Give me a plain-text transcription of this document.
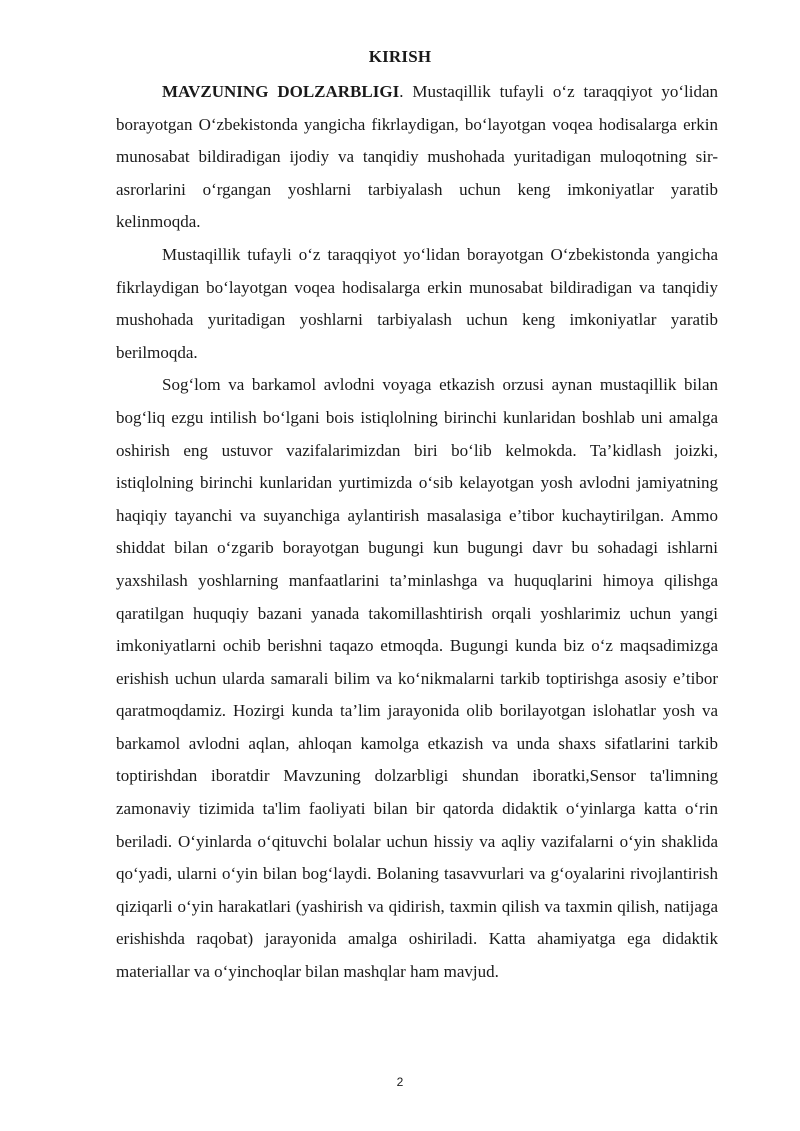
KIRISH

MAVZUNING DOLZARBLIGI. Mustaqillik tufayli o‘z taraqqiyot yo‘lidan borayotgan O‘zbekistonda yangicha fikrlaydigan, bo‘layotgan voqea hodisalarga erkin munosabat bildiradigan ijodiy va tanqidiy mushohada yuritadigan muloqotning sir-asrorlarini o‘rgangan yoshlarni tarbiyalash uchun keng imkoniyatlar yaratib kelinmoqda.

Mustaqillik tufayli o‘z taraqqiyot yo‘lidan borayotgan O‘zbekistonda yangicha fikrlaydigan bo‘layotgan voqea hodisalarga erkin munosabat bildiradigan va tanqidiy mushohada yuritadigan yoshlarni tarbiyalash uchun keng imkoniyatlar yaratib berilmoqda.

Sog‘lom va barkamol avlodni voyaga etkazish orzusi aynan mustaqillik bilan bog‘liq ezgu intilish bo‘lgani bois istiqlolning birinchi kunlaridan boshlab uni amalga oshirish eng ustuvor vazifalarimizdan biri bo‘lib kelmokda. Ta’kidlash joizki, istiqlolning birinchi kunlaridan yurtimizda o‘sib kelayotgan yosh avlodni jamiyatning haqiqiy tayanchi va suyanchiga aylantirish masalasiga e’tibor kuchaytirilgan. Ammo shiddat bilan o‘zgarib borayotgan bugungi kun bugungi davr bu sohadagi ishlarni yaxshilash yoshlarning manfaatlarini ta’minlashga va huquqlarini himoya qilishga qaratilgan huquqiy bazani yanada takomillashtirish orqali yoshlarimiz uchun yangi imkoniyatlarni ochib berishni taqazo etmoqda. Bugungi kunda biz o‘z maqsadimizga erishish uchun ularda samarali bilim va ko‘nikmalarni tarkib toptirishga asosiy e’tibor qaratmoqdamiz. Hozirgi kunda ta’lim jarayonida olib borilayotgan islohatlar yosh va barkamol avlodni aqlan, ahloqan kamolga etkazish va unda shaxs sifatlarini tarkib toptirishdan iboratdir Mavzuning dolzarbligi shundan iboratki,Sensor ta'limning zamonaviy tizimida ta'lim faoliyati bilan bir qatorda didaktik o‘yinlarga katta o‘rin beriladi. O‘yinlarda o‘qituvchi bolalar uchun hissiy va aqliy vazifalarni o‘yin shaklida qo‘yadi, ularni o‘yin bilan bog‘laydi. Bolaning tasavvurlari va g‘oyalarini rivojlantirish qiziqarli o‘yin harakatlari (yashirish va qidirish, taxmin qilish va taxmin qilish, natijaga erishishda raqobat) jarayonida amalga oshiriladi. Katta ahamiyatga ega didaktik materiallar va o‘yinchoqlar bilan mashqlar ham mavjud.

2
